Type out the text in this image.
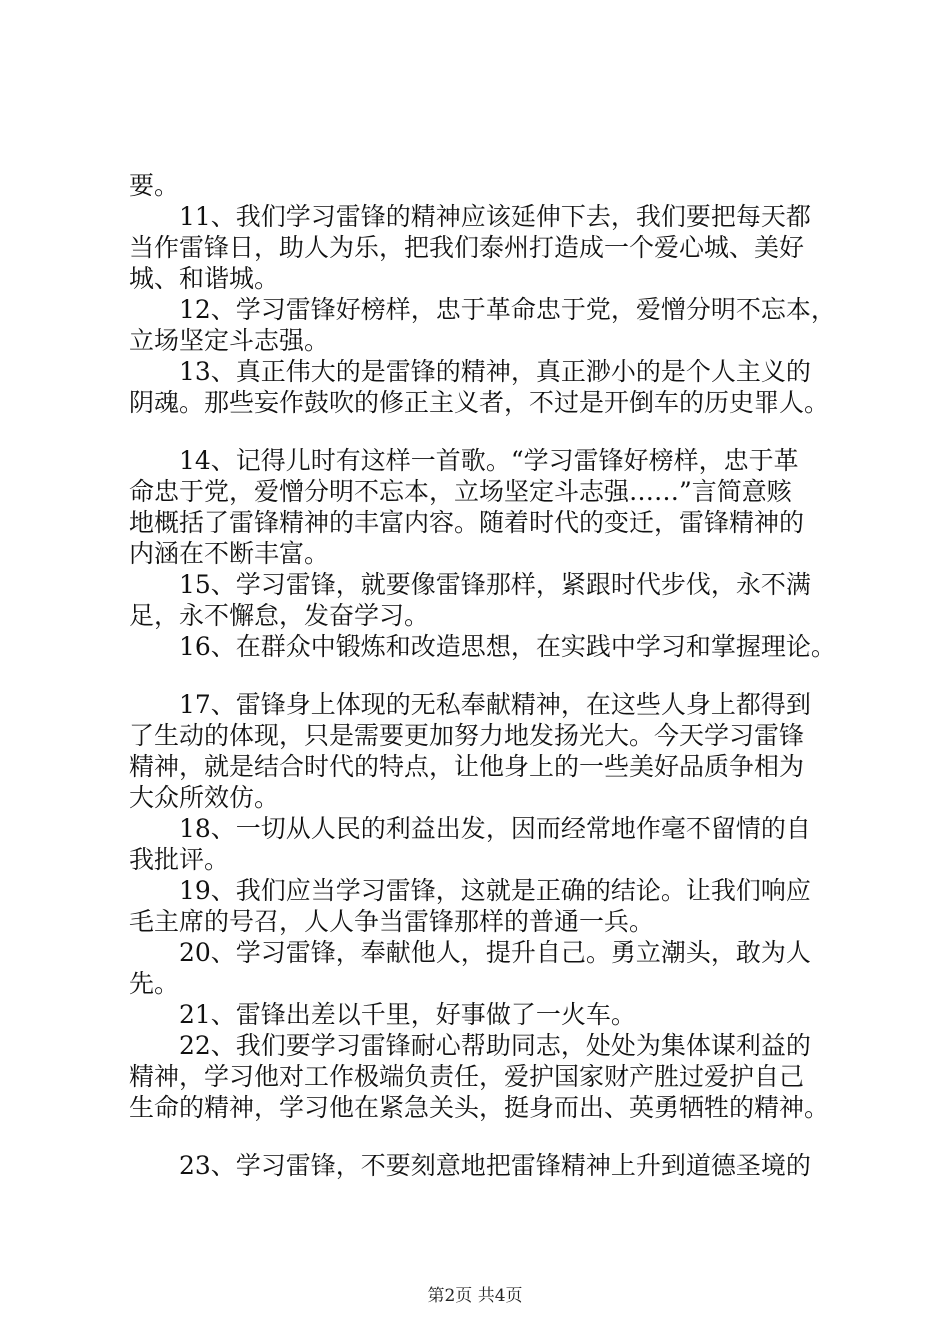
要。
11、我们学习雷锋的精神应该延伸下去，我们要把每天都
当作雷锋日，助人为乐，把我们泰州打造成一个爱心城、美好
城、和谐城。
12、学习雷锋好榜样，忠于革命忠于党，爱憎分明不忘本，
立场坚定斗志强。
13、真正伟大的是雷锋的精神，真正渺小的是个人主义的
阴魂。那些妄作鼓吹的修正主义者，不过是开倒车的历史罪人。
14、记得儿时有这样一首歌。“学习雷锋好榜样，忠于革
命忠于党，爱憎分明不忘本，立场坚定斗志强……”言简意赅
地概括了雷锋精神的丰富内容。随着时代的变迁，雷锋精神的
内涵在不断丰富。
15、学习雷锋，就要像雷锋那样，紧跟时代步伐，永不满
足，永不懈怠，发奋学习。
16、在群众中锻炼和改造思想，在实践中学习和掌握理论。
17、雷锋身上体现的无私奉献精神，在这些人身上都得到
了生动的体现，只是需要更加努力地发扬光大。今天学习雷锋
精神，就是结合时代的特点，让他身上的一些美好品质争相为
大众所效仿。
18、一切从人民的利益出发，因而经常地作毫不留情的自
我批评。
19、我们应当学习雷锋，这就是正确的结论。让我们响应
毛主席的号召，人人争当雷锋那样的普通一兵。
20、学习雷锋，奉献他人，提升自己。勇立潮头，敢为人
先。
21、雷锋出差以千里，好事做了一火车。
22、我们要学习雷锋耐心帮助同志，处处为集体谋利益的
精神，学习他对工作极端负责任，爱护国家财产胜过爱护自己
生命的精神，学习他在紧急关头，挺身而出、英勇牺牲的精神。
23、学习雷锋，不要刻意地把雷锋精神上升到道德圣境的
第2页 共4页
